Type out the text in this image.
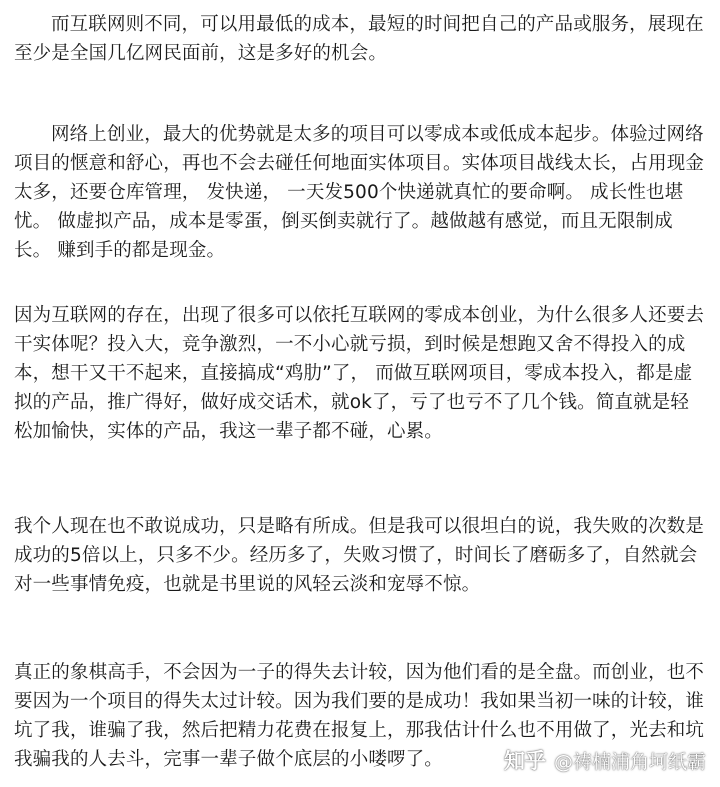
而互联网则不同，可以用最低的成本，最短的时间把自己的产品或服务，展现在至少是全国几亿网民面前，这是多好的机会。

网络上创业，最大的优势就是太多的项目可以零成本或低成本起步。体验过网络项目的惬意和舒心，再也不会去碰任何地面实体项目。实体项目战线太长，占用现金太多，还要仓库管理， 发快递， 一天发500个快递就真忙的要命啊。 成长性也堪忧。 做虚拟产品，成本是零蛋，倒买倒卖就行了。越做越有感觉，而且无限制成长。 赚到手的都是现金。

因为互联网的存在，出现了很多可以依托互联网的零成本创业，为什么很多人还要去干实体呢？投入大，竞争激烈，一不小心就亏损，到时候是想跑又舍不得投入的成本，想干又干不起来，直接搞成“鸡肋”了， 而做互联网项目，零成本投入，都是虚拟的产品，推广得好，做好成交话术，就ok了，亏了也亏不了几个钱。简直就是轻松加愉快，实体的产品，我这一辈子都不碰，心累。

我个人现在也不敢说成功，只是略有所成。但是我可以很坦白的说，我失败的次数是成功的5倍以上，只多不少。经历多了，失败习惯了，时间长了磨砺多了，自然就会对一些事情免疫，也就是书里说的风轻云淡和宠辱不惊。

真正的象棋高手，不会因为一子的得失去计较，因为他们看的是全盘。而创业，也不要因为一个项目的得失太过计较。因为我们要的是成功！我如果当初一味的计较，谁坑了我，谁骗了我，然后把精力花费在报复上，那我估计什么也不用做了，光去和坑我骗我的人去斗，完事一辈子做个底层的小喽啰了。	知乎 @祷楠浦角坷纸霸
